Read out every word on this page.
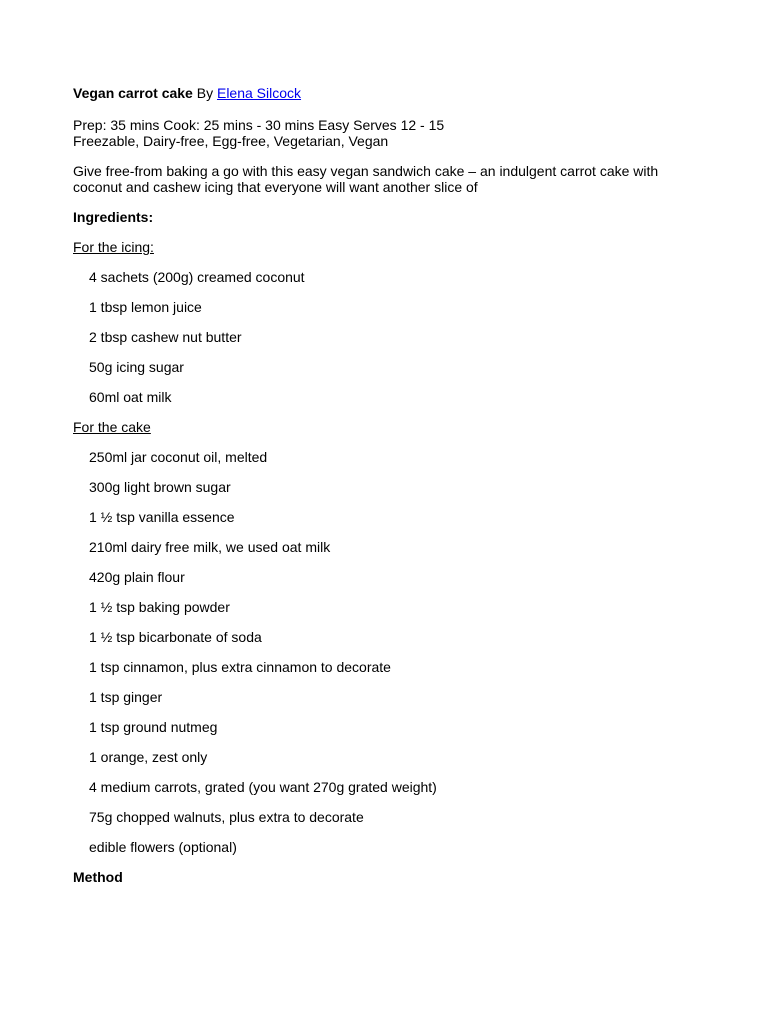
Vegan carrot cake By Elena Silcock

Prep: 35 mins Cook: 25 mins - 30 mins Easy Serves 12 - 15
Freezable, Dairy-free, Egg-free, Vegetarian, Vegan

Give free-from baking a go with this easy vegan sandwich cake – an indulgent carrot cake with coconut and cashew icing that everyone will want another slice of

Ingredients:

For the icing:

4 sachets (200g) creamed coconut
1 tbsp lemon juice
2 tbsp cashew nut butter
50g icing sugar
60ml oat milk

For the cake

250ml jar coconut oil, melted
300g light brown sugar
1 ½ tsp vanilla essence
210ml dairy free milk, we used oat milk
420g plain flour
1 ½ tsp baking powder
1 ½ tsp bicarbonate of soda
1 tsp cinnamon, plus extra cinnamon to decorate
1 tsp ginger
1 tsp ground nutmeg
1 orange, zest only
4 medium carrots, grated (you want 270g grated weight)
75g chopped walnuts, plus extra to decorate
edible flowers (optional)

Method
